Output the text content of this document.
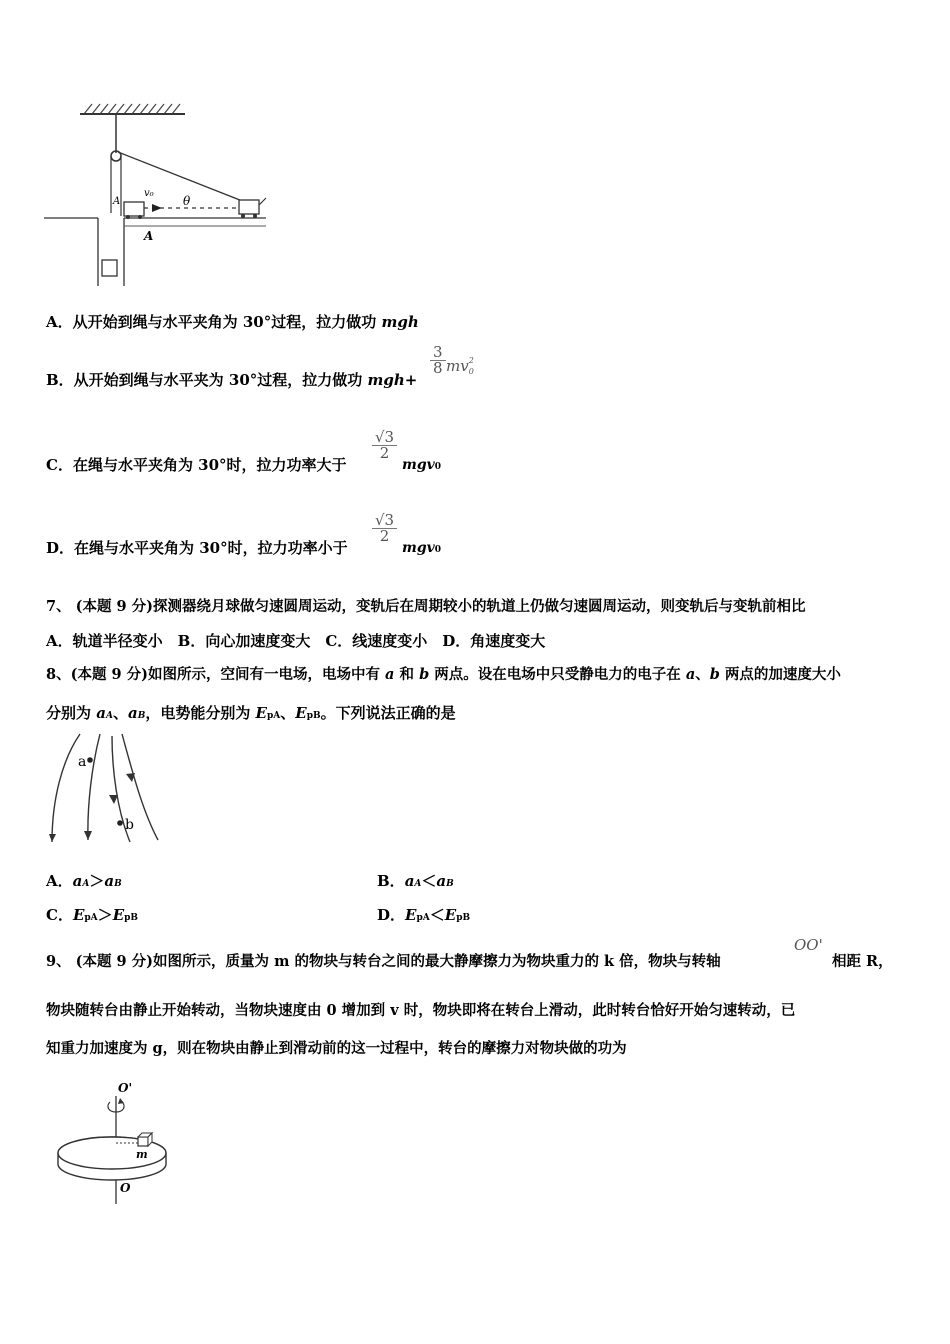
v₀
θ
A
A
A．从开始到绳与水平夹角为 30°过程，拉力做功 mgh
B．从开始到绳与水平夹为 30°过程，拉力做功 mgh+
$\frac{3}{8} mv^2_0$
C．在绳与水平夹角为 30°时，拉力功率大于
$\frac{√3}{2}$
mgv0
D．在绳与水平夹角为 30°时，拉力功率小于
$\frac{√3}{2}$
mgv0
7、 (本题 9 分)探测器绕月球做匀速圆周运动，变轨后在周期较小的轨道上仍做匀速圆周运动，则变轨后与变轨前相比
A．轨道半径变小　B．向心加速度变大　C．线速度变小　D．角速度变大
8、(本题 9 分)如图所示，空间有一电场，电场中有 a 和 b 两点。设在电场中只受静电力的电子在 a、b 两点的加速度大小
分别为 aA、aB，电势能分别为 EpA、EpB。下列说法正确的是
a
b
A．aA＞aB	B．aA＜aB
C．EpA＞EpB	D．EpA＜EpB
9、 (本题 9 分)如图所示，质量为 m 的物块与转台之间的最大静摩擦力为物块重力的 k 倍，物块与转轴
OO'
相距 R，
物块随转台由静止开始转动，当物块速度由 0 增加到 v 时，物块即将在转台上滑动，此时转台恰好开始匀速转动，已
知重力加速度为 g，则在物块由静止到滑动前的这一过程中，转台的摩擦力对物块做的功为
O'
m
O
